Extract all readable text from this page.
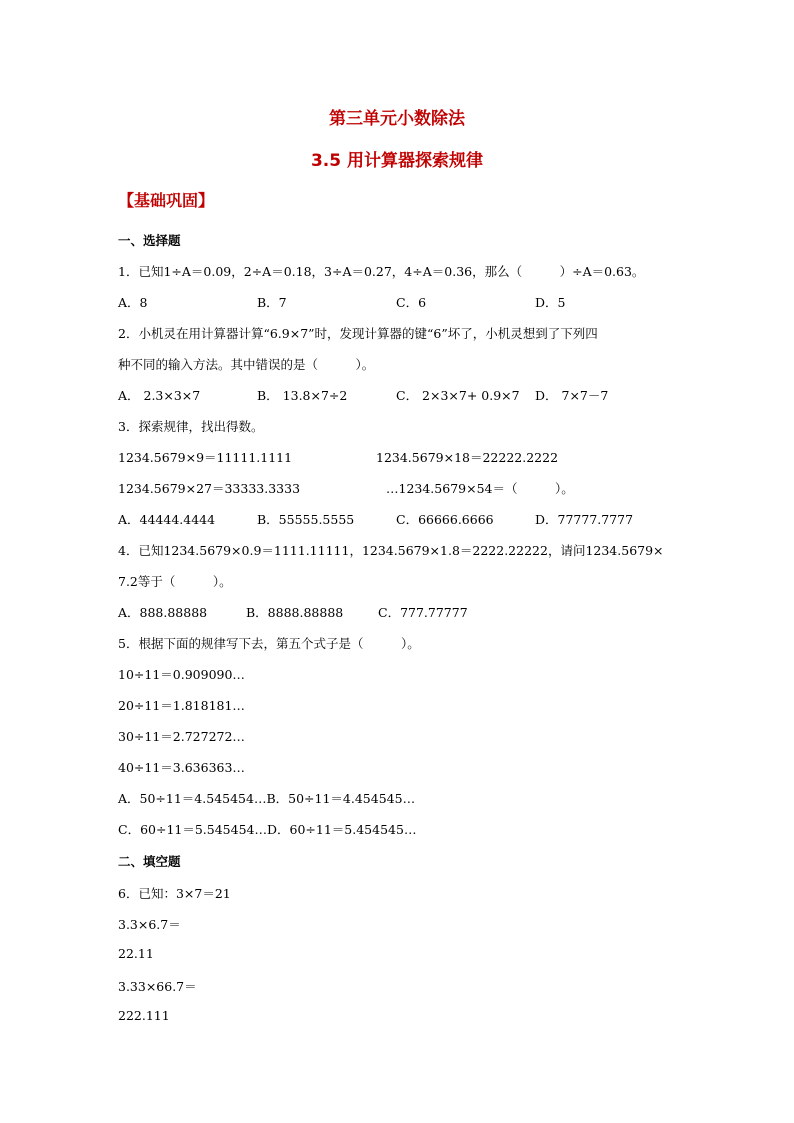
第三单元小数除法
3.5 用计算器探索规律
【基础巩固】
一、选择题
1．已知1÷A＝0.09，2÷A＝0.18，3÷A＝0.27，4÷A＝0.36，那么（　　　）÷A＝0.63。
A．8	B．7	C．6	D．5
2．小机灵在用计算器计算“6.9×7”时，发现计算器的键“6”坏了，小机灵想到了下列四
种不同的输入方法。其中错误的是（　　　）。
A． 2.3×3×7	B． 13.8×7÷2	C． 2×3×7+ 0.9×7 D． 7×7－7
3．探索规律，找出得数。
1234.5679×9＝11111.1111	1234.5679×18＝22222.2222
1234.5679×27＝33333.3333	…1234.5679×54＝（　　　）。
A．44444.4444	B．55555.5555	C．66666.6666	D．77777.7777
4．已知1234.5679×0.9＝1111.11111，1234.5679×1.8＝2222.22222，请问1234.5679×
7.2等于（　　　）。
A．888.88888	B．8888.88888	C．777.77777
5．根据下面的规律写下去，第五个式子是（　　　）。
10÷11＝0.909090…
20÷11＝1.818181…
30÷11＝2.727272…
40÷11＝3.636363…
A．50÷11＝4.545454…B．50÷11＝4.454545…
C．60÷11＝5.545454…D．60÷11＝5.454545…
二、填空题
6．已知：3×7＝21
3.3×6.7＝
22.11
3.33×66.7＝
222.111
